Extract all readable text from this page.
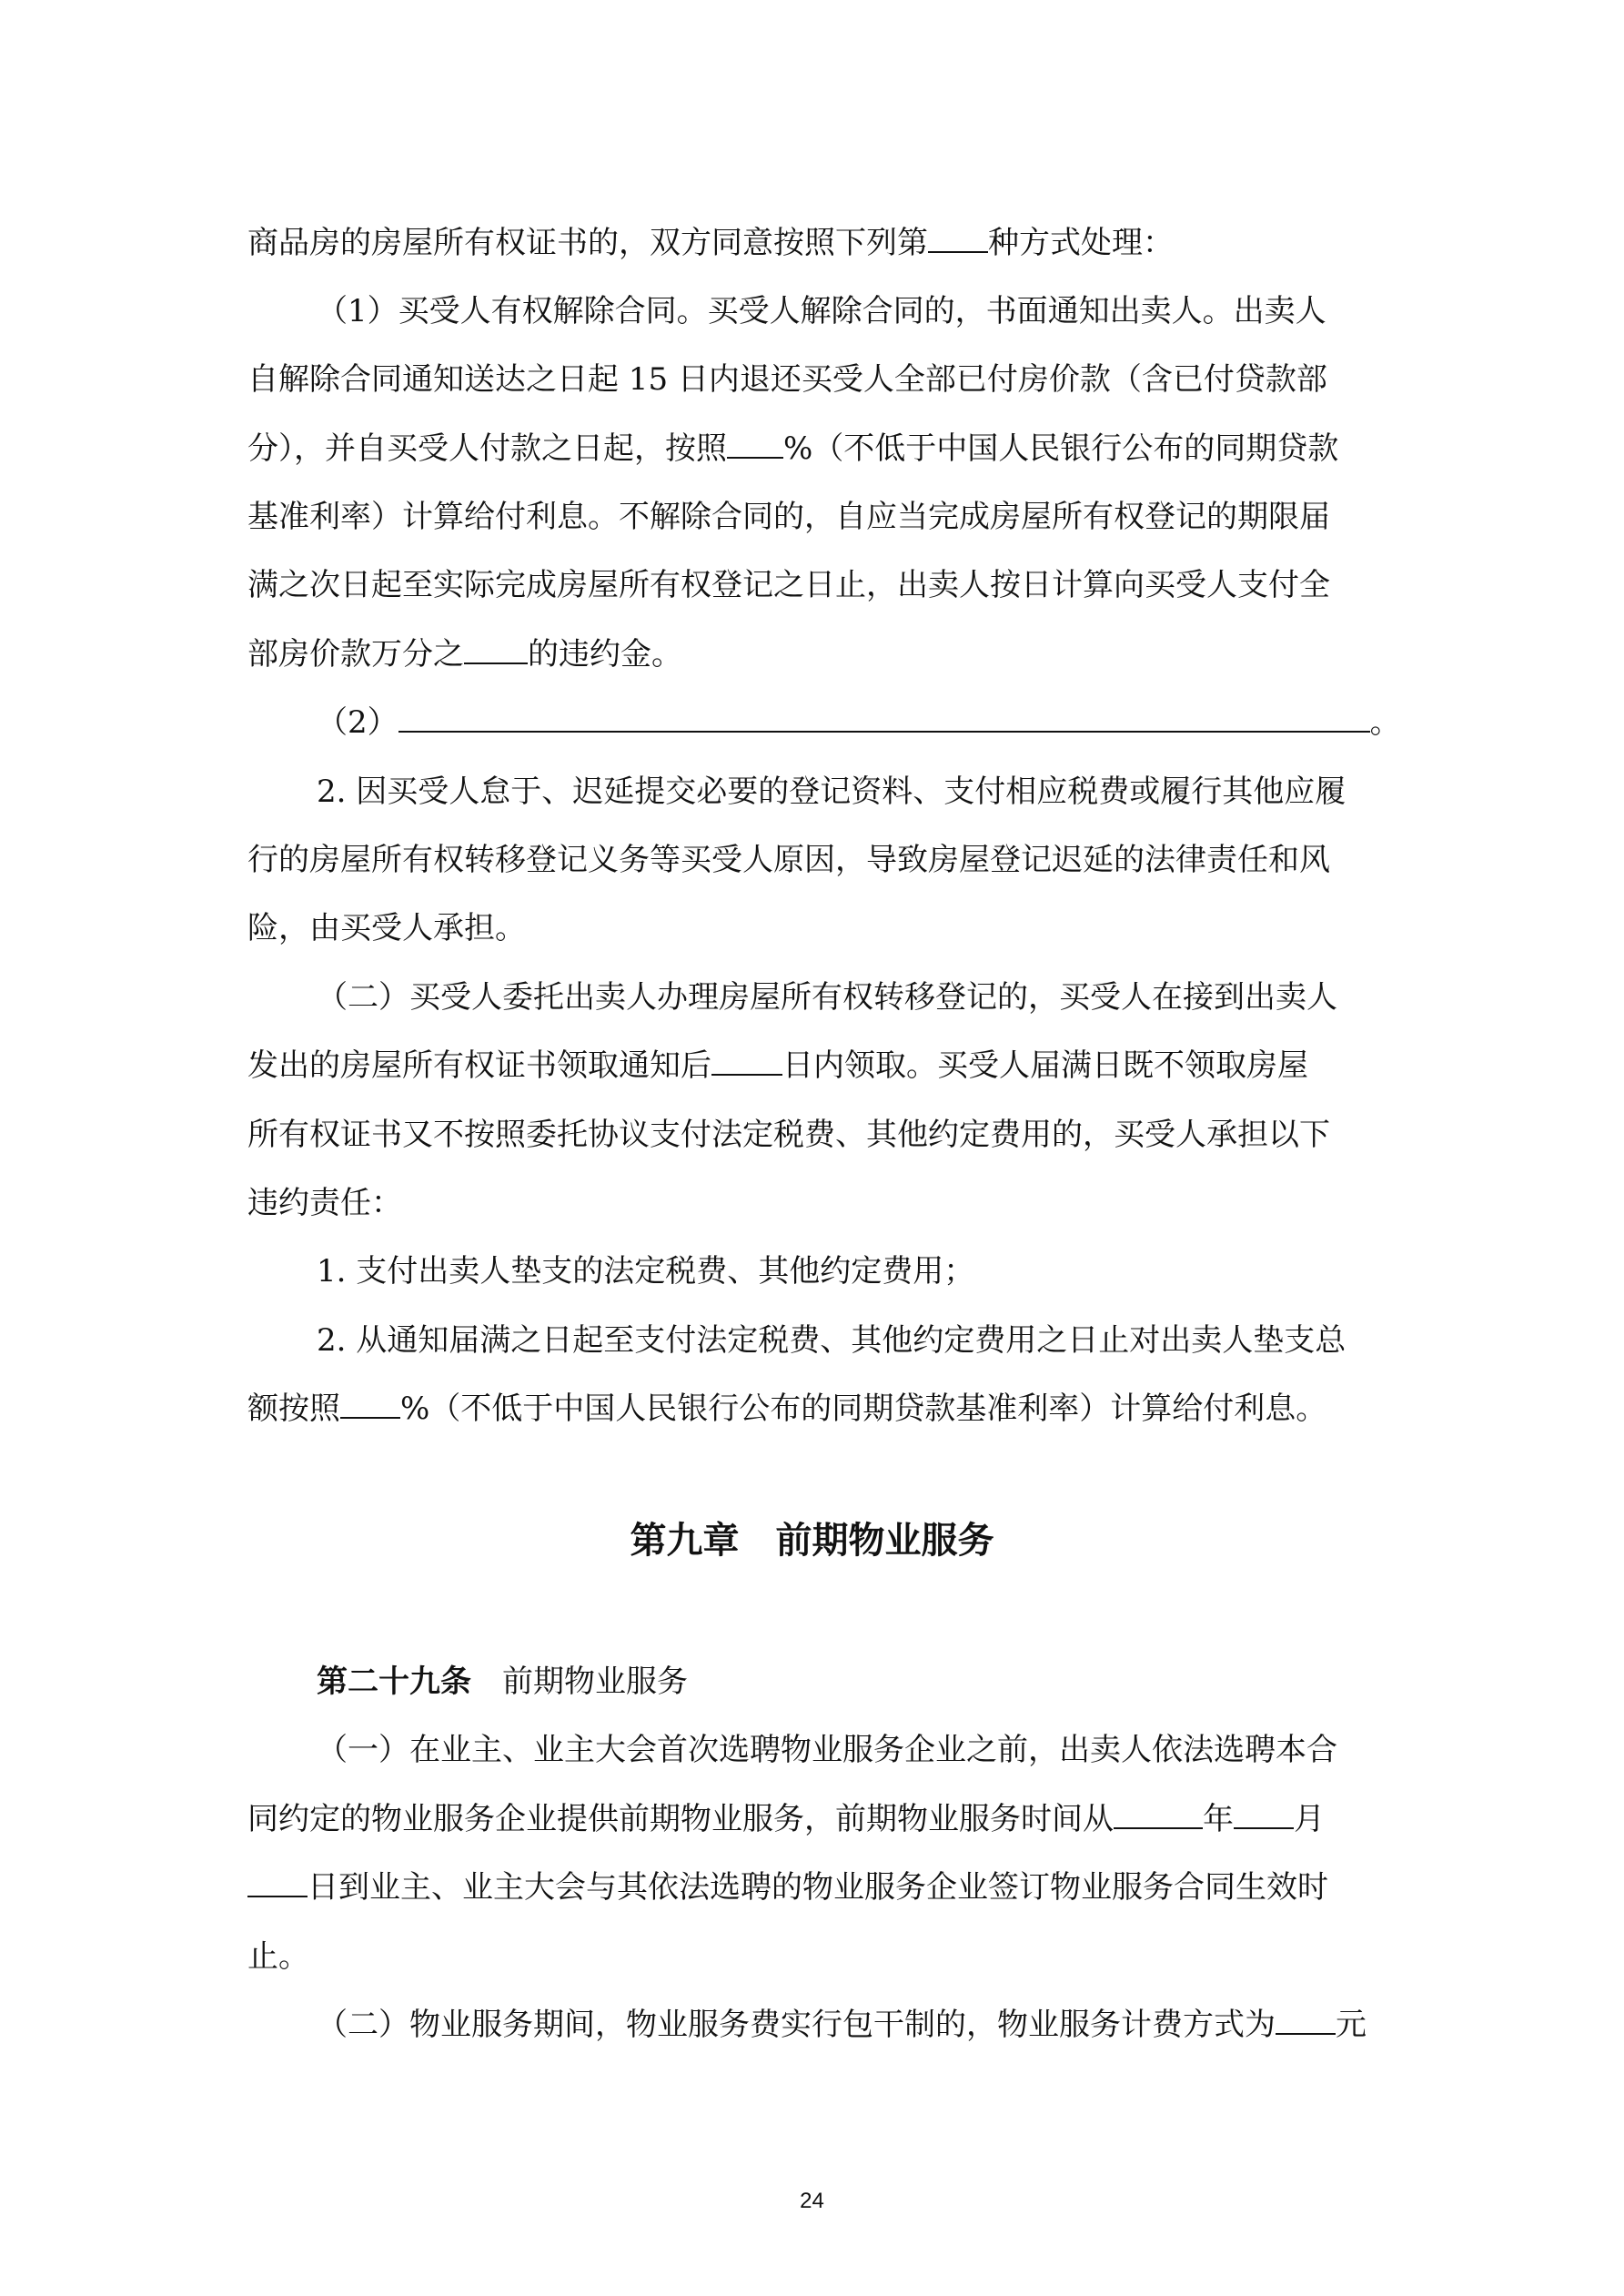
商品房的房屋所有权证书的，双方同意按照下列第 种方式处理：
（1）买受人有权解除合同。买受人解除合同的，书面通知出卖人。出卖人
自解除合同通知送达之日起 15 日内退还买受人全部已付房价款（含已付贷款部
分），并自买受人付款之日起，按照 %（不低于中国人民银行公布的同期贷款
基准利率）计算给付利息。不解除合同的，自应当完成房屋所有权登记的期限届
满之次日起至实际完成房屋所有权登记之日止，出卖人按日计算向买受人支付全
部房价款万分之 的违约金。
（2）	。
2. 因买受人怠于、迟延提交必要的登记资料、支付相应税费或履行其他应履
行的房屋所有权转移登记义务等买受人原因，导致房屋登记迟延的法律责任和风
险，由买受人承担。
（二）买受人委托出卖人办理房屋所有权转移登记的，买受人在接到出卖人
发出的房屋所有权证书领取通知后 日内领取。买受人届满日既不领取房屋
所有权证书又不按照委托协议支付法定税费、其他约定费用的，买受人承担以下
违约责任：
1. 支付出卖人垫支的法定税费、其他约定费用；
2. 从通知届满之日起至支付法定税费、其他约定费用之日止对出卖人垫支总
额按照 %（不低于中国人民银行公布的同期贷款基准利率）计算给付利息。
第九章　前期物业服务
第二十九条 前期物业服务
（一）在业主、业主大会首次选聘物业服务企业之前，出卖人依法选聘本合
同约定的物业服务企业提供前期物业服务，前期物业服务时间从	年 月
日到业主、业主大会与其依法选聘的物业服务企业签订物业服务合同生效时
止。
（二）物业服务期间，物业服务费实行包干制的，物业服务计费方式为 元
24
